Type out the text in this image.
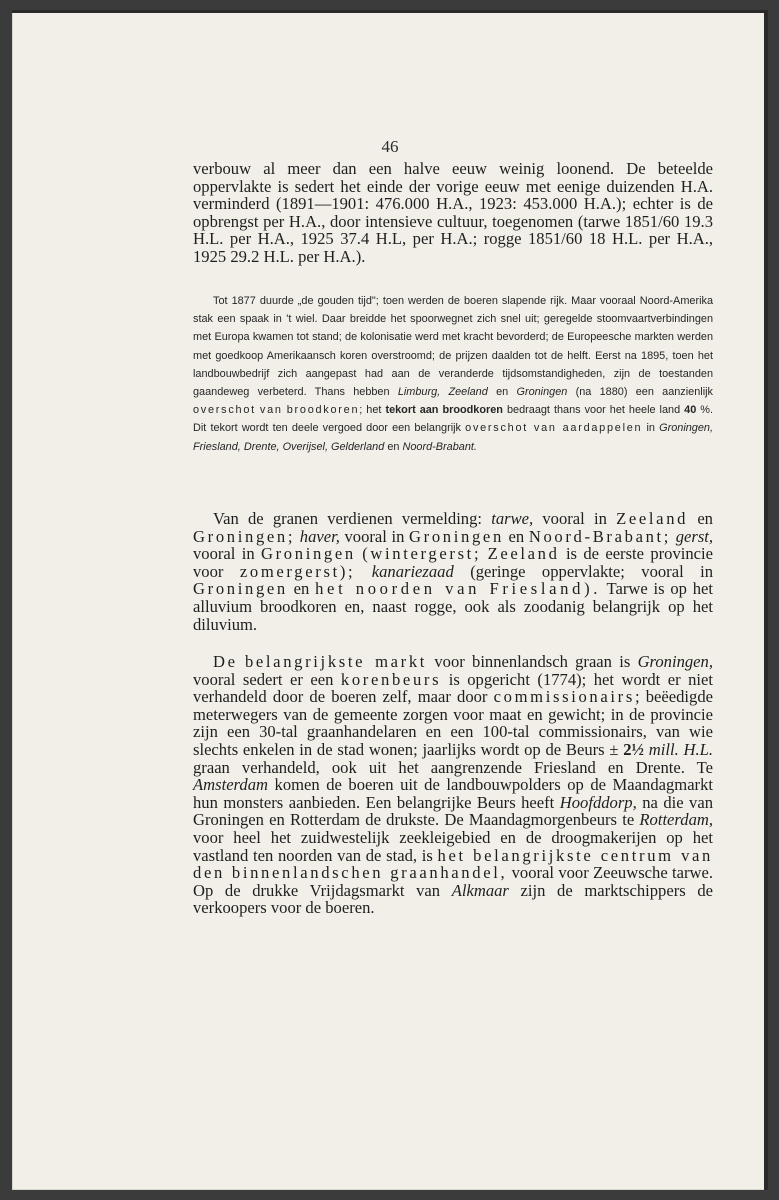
46

verbouw al meer dan een halve eeuw weinig loonend. De beteelde oppervlakte is sedert het einde der vorige eeuw met eenige duizenden H.A. verminderd (1891—1901: 476.000 H.A., 1923: 453.000 H.A.); echter is de opbrengst per H.A., door intensieve cultuur, toegenomen (tarwe 1851/60 19.3 H.L. per H.A., 1925 37.4 H.L, per H.A.; rogge 1851/60 18 H.L. per H.A., 1925 29.2 H.L. per H.A.).

Tot 1877 duurde „de gouden tijd"; toen werden de boeren slapende rijk. Maar vooraal Noord-Amerika stak een spaak in 't wiel. Daar breidde het spoorwegnet zich snel uit; geregelde stoomvaartverbindingen met Europa kwamen tot stand; de kolonisatie werd met kracht bevorderd; de Europeesche markten werden met goedkoop Amerikaansch koren overstroomd; de prijzen daalden tot de helft. Eerst na 1895, toen het landbouwbedrijf zich aangepast had aan de veranderde tijdsomstandigheden, zijn de toestanden gaandeweg verbeterd. Thans hebben Limburg, Zeeland en Groningen (na 1880) een aanzienlijk overschot van broodkoren; het tekort aan broodkoren bedraagt thans voor het heele land 40 %. Dit tekort wordt ten deele vergoed door een belangrijk overschot van aardappelen in Groningen, Friesland, Drente, Overijsel, Gelderland en Noord-Brabant.

Van de granen verdienen vermelding: tarwe, vooral in Zeeland en Groningen; haver, vooral in Groningen en Noord-Brabant; gerst, vooral in Groningen (wintergerst; Zeeland is de eerste provincie voor zomergerst); kanariezaad (geringe oppervlakte; vooral in Groningen en het noorden van Friesland). Tarwe is op het alluvium broodkoren en, naast rogge, ook als zoodanig belangrijk op het diluvium.

De belangrijkste markt voor binnenlandsch graan is Groningen, vooral sedert er een korenbeurs is opgericht (1774); het wordt er niet verhandeld door de boeren zelf, maar door commissionairs; beëedigde meterwegers van de gemeente zorgen voor maat en gewicht; in de provincie zijn een 30-tal graanhandelaren en een 100-tal commissionairs, van wie slechts enkelen in de stad wonen; jaarlijks wordt op de Beurs ± 2½ mill. H.L. graan verhandeld, ook uit het aangrenzende Friesland en Drente. Te Amsterdam komen de boeren uit de landbouwpolders op de Maandagmarkt hun monsters aanbieden. Een belangrijke Beurs heeft Hoofddorp, na die van Groningen en Rotterdam de drukste. De Maandagmorgenbeurs te Rotterdam, voor heel het zuidwestelijk zeekleigebied en de droogmakerijen op het vastland ten noorden van de stad, is het belangrijkste centrum van den binnenlandschen graanhandel, vooral voor Zeeuwsche tarwe. Op de drukke Vrijdagsmarkt van Alkmaar zijn de marktschippers de verkoopers voor de boeren.
